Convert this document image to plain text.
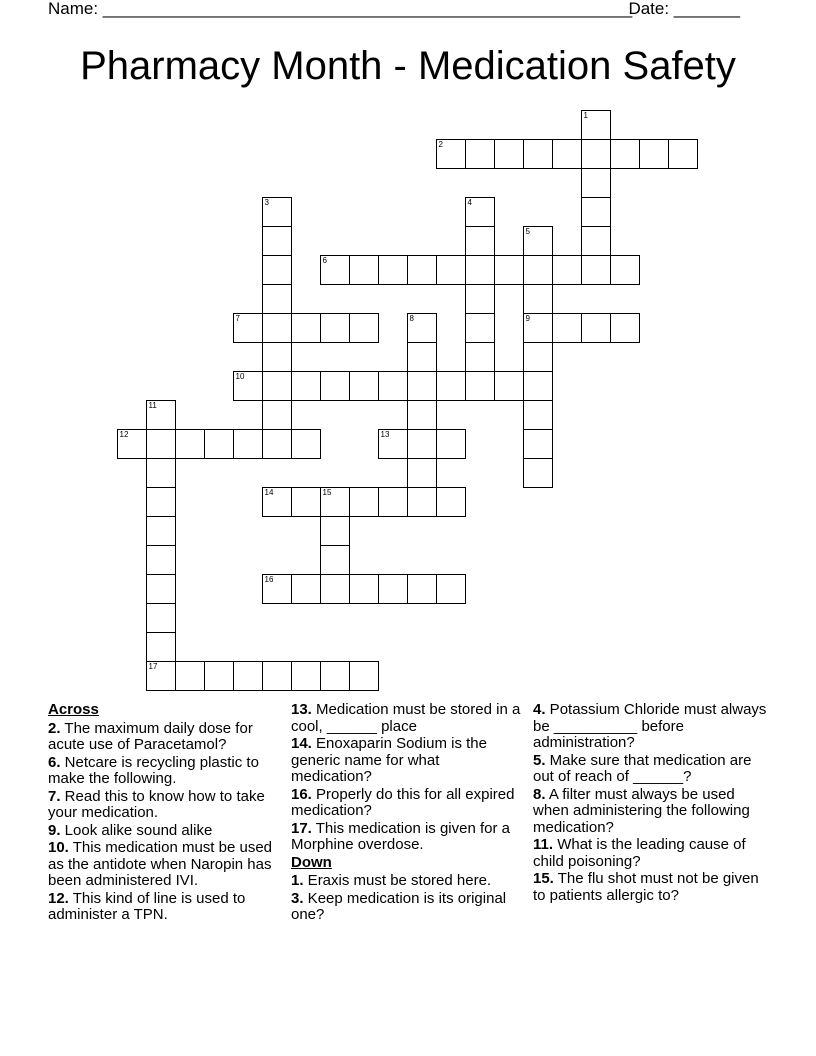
Name: ________________________________________________________
Date: _______
Pharmacy Month - Medication Safety
1
2
3	4
5
9
6
7	8
10
11
17
12	13
14	15
16
Across
2. The maximum daily dose for acute use of Paracetamol?
6. Netcare is recycling plastic to make the following.
7. Read this to know how to take your medication.
9. Look alike sound alike
10. This medication must be used as the antidote when Naropin has been administered IVI.
12. This kind of line is used to administer a TPN.
13. Medication must be stored in a cool, ______ place
14. Enoxaparin Sodium is the generic name for what medication?
16. Properly do this for all expired medication?
17. This medication is given for a Morphine overdose.
Down
1. Eraxis must be stored here.
3. Keep medication is its original one?
4. Potassium Chloride must always be __________ before administration?
5. Make sure that medication are out of reach of ______?
8. A filter must always be used when administering the following medication?
11. What is the leading cause of child poisoning?
15. The flu shot must not be given to patients allergic to?
